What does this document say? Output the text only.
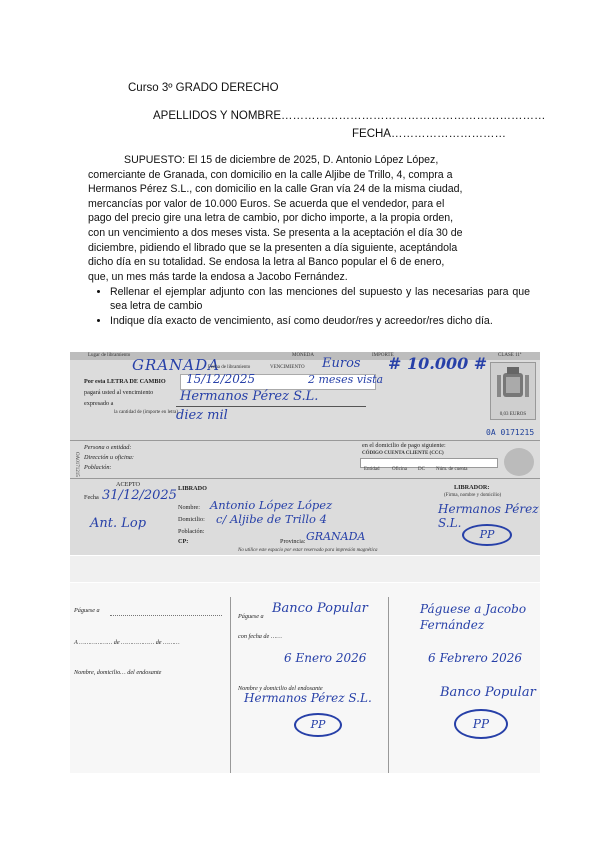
Curso 3º GRADO DERECHO
APELLIDOS Y NOMBRE……………………………………………………………
FECHA…………………………
SUPUESTO: El 15 de diciembre de 2025, D. Antonio López López,
comerciante de Granada, con domicilio en la calle Aljibe de Trillo, 4, compra a
Hermanos Pérez S.L., con domicilio en la calle Gran vía 24 de la misma ciudad,
mercancías por valor de 10.000 Euros. Se acuerda que el vendedor, para el
pago del precio gire una letra de cambio, por dicho importe, a la propia orden,
con un vencimiento a dos meses vista. Se presenta a la aceptación el día 30 de
diciembre, pidiendo el librado que se la presenten a día siguiente, aceptándola
dicho día en su totalidad. Se endosa la letra al Banco popular el 6 de enero,
que, un mes más tarde la endosa a Jacobo Fernández.
• Rellenar el ejemplar adjunto con las menciones del supuesto y las necesarias para que sea letra de cambio
• Indique día exacto de vencimiento, así como deudor/res y acreedor/res dicho día.
Lugar de libramiento
GRANADA
MONEDA
Euros
IMPORTE
# 10.000 # CLASE 11ª
0,03 EUROS
0A 0171215
Fecha de libramiento	VENCIMIENTO
Por esta LETRA DE CAMBIO
pagará usted al vencimiento
expresado a
la cantidad de (importe en letra)
15/12/2025	2 meses vista
Hermanos Pérez S.L.
diez mil
Persona o entidad:
Dirección u oficina:
Población:
en el domicilio de pago siguiente:
CÓDIGO CUENTA CLIENTE (CCC)
Entidad Oficina DC Núm. de cuenta
ACEPTO
Fecha 31/12/2025
Ant. Lop
LIBRADO
Nombre:
Domicilio:
Población:
CP:	Provincia:
Antonio López López
c/ Aljibe de Trillo 4
GRANADA
LIBRADOR:
(Firma, nombre y domicilio)
Hermanos Pérez S.L.
PP
No utilice este espacio por estar reservado para impresión magnética
OA0171215
Páguese a
A ……………… de ……………… de ………
Nombre, domicilio… del endosante
Páguese a
Banco Popular
con fecha de ……
6 Enero 2026
Nombre y domicilio del endosante
Hermanos Pérez S.L.
PP
Páguese a Jacobo Fernández
6 Febrero 2026
Banco Popular
PP
